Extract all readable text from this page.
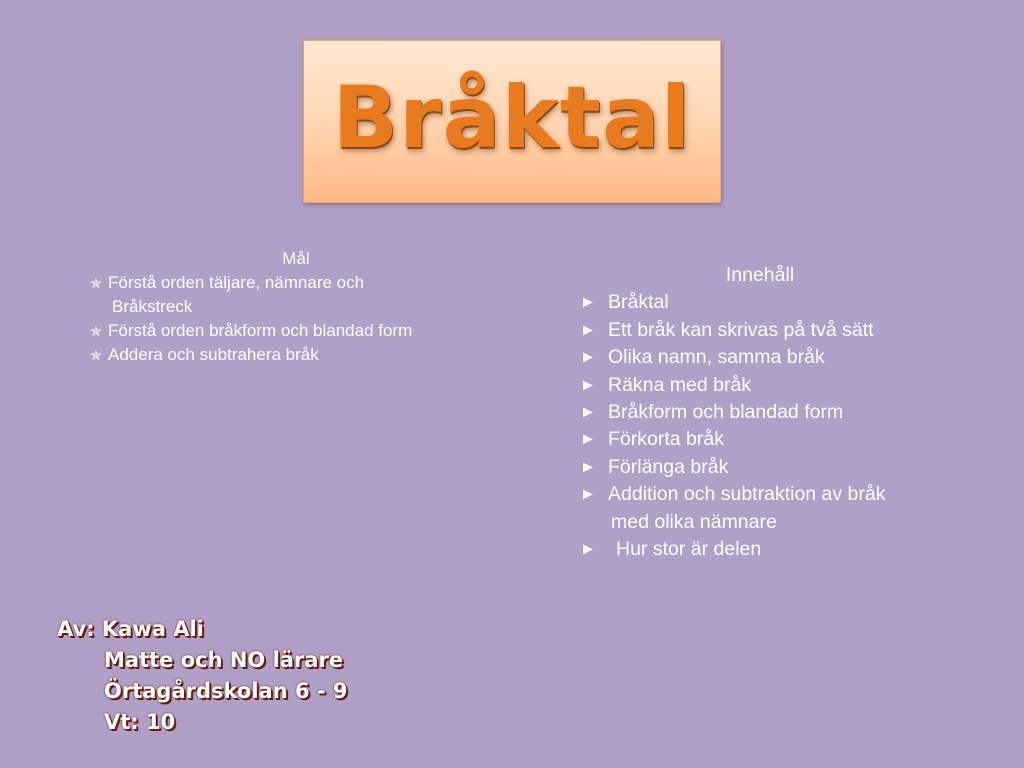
Bråktal
Mål
✯ Förstå orden täljare, nämnare och
Bråkstreck
✯ Förstå orden bråkform och blandad form
✯ Addera och subtrahera bråk
Innehåll
► Bråktal
► Ett bråk kan skrivas på två sätt
► Olika namn, samma bråk
► Räkna med bråk
► Bråkform och blandad form
► Förkorta bråk
► Förlänga bråk
► Addition och subtraktion av bråk
med olika nämnare
►	Hur stor är delen
Av: Kawa Ali
Matte och NO lärare
Örtagårdskolan 6 - 9
Vt: 10
